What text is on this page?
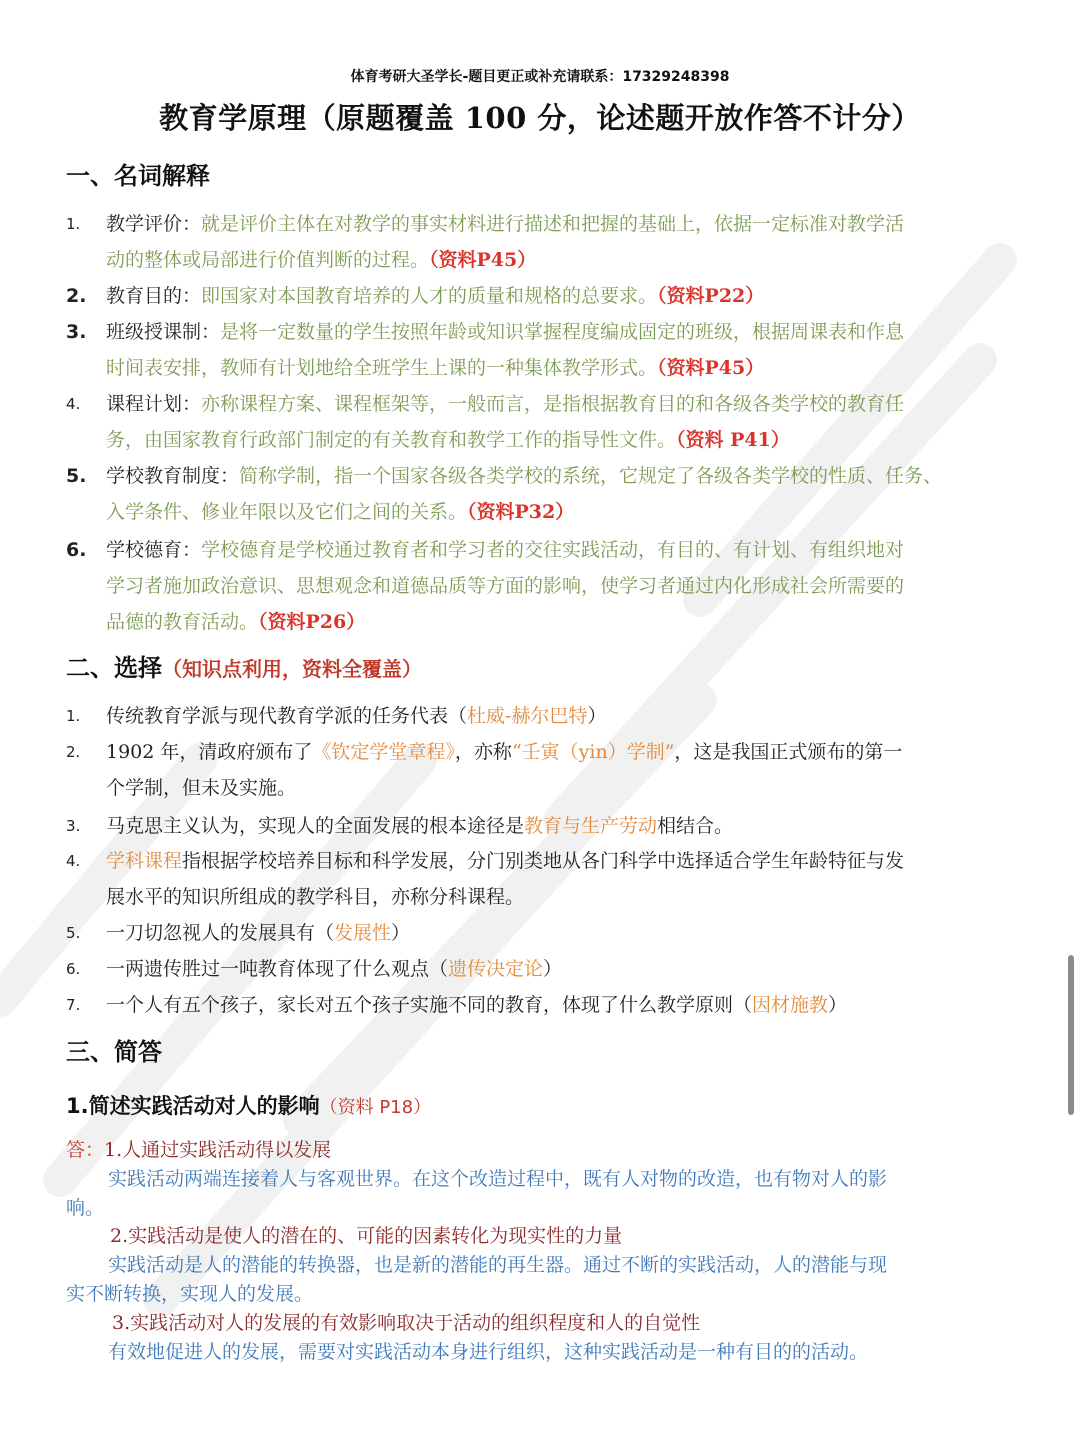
体育考研大圣学长-题目更正或补充请联系：17329248398
教育学原理（原题覆盖 100 分，论述题开放作答不计分）
一、名词解释
1.	教学评价：就是评价主体在对教学的事实材料进行描述和把握的基础上，依据一定标准对教学活
动的整体或局部进行价值判断的过程。（资料P45）
2.	教育目的：即国家对本国教育培养的人才的质量和规格的总要求。（资料P22）
3.	班级授课制：是将一定数量的学生按照年龄或知识掌握程度编成固定的班级，根据周课表和作息
时间表安排，教师有计划地给全班学生上课的一种集体教学形式。（资料P45）
4.	课程计划：亦称课程方案、课程框架等，一般而言，是指根据教育目的和各级各类学校的教育任
务，由国家教育行政部门制定的有关教育和教学工作的指导性文件。（资料 P41）
5.	学校教育制度：简称学制，指一个国家各级各类学校的系统，它规定了各级各类学校的性质、任务、
入学条件、修业年限以及它们之间的关系。（资料P32）
6.	学校德育：学校德育是学校通过教育者和学习者的交往实践活动，有目的、有计划、有组织地对
学习者施加政治意识、思想观念和道德品质等方面的影响，使学习者通过内化形成社会所需要的
品德的教育活动。（资料P26）
二、选择（知识点利用，资料全覆盖）
1.	传统教育学派与现代教育学派的任务代表（杜威-赫尔巴特）
2.	1902 年，清政府颁布了《钦定学堂章程》，亦称“壬寅（yin）学制”，这是我国正式颁布的第一
个学制，但未及实施。
3.	马克思主义认为，实现人的全面发展的根本途径是教育与生产劳动相结合。
4.	学科课程指根据学校培养目标和科学发展，分门别类地从各门科学中选择适合学生年龄特征与发
展水平的知识所组成的教学科目，亦称分科课程。
5.	一刀切忽视人的发展具有（发展性）
6.	一两遗传胜过一吨教育体现了什么观点（遗传决定论）
7.	一个人有五个孩子，家长对五个孩子实施不同的教育，体现了什么教学原则（因材施教）
三、简答
1.简述实践活动对人的影响（资料 P18）
答：1.人通过实践活动得以发展
实践活动两端连接着人与客观世界。在这个改造过程中，既有人对物的改造，也有物对人的影
响。
2.实践活动是使人的潜在的、可能的因素转化为现实性的力量
实践活动是人的潜能的转换器，也是新的潜能的再生器。通过不断的实践活动，人的潜能与现
实不断转换，实现人的发展。
3.实践活动对人的发展的有效影响取决于活动的组织程度和人的自觉性
有效地促进人的发展，需要对实践活动本身进行组织，这种实践活动是一种有目的的活动。
